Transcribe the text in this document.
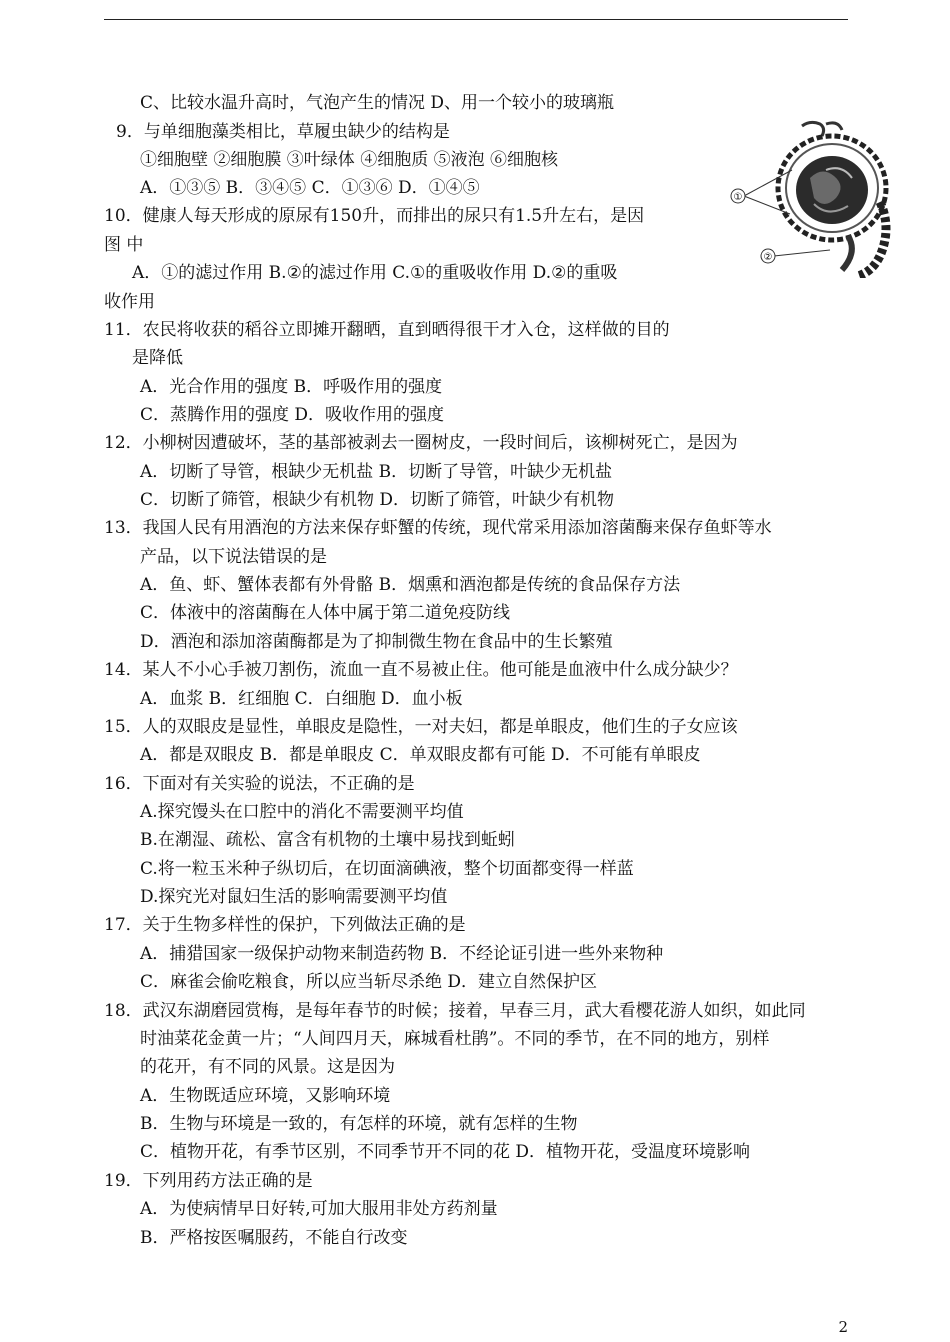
C、比较水温升高时，气泡产生的情况 D、用一个较小的玻璃瓶
9．与单细胞藻类相比，草履虫缺少的结构是
①细胞壁 ②细胞膜 ③叶绿体 ④细胞质 ⑤液泡 ⑥细胞核
A．①③⑤ B．③④⑤ C．①③⑥ D．①④⑤
10．健康人每天形成的原尿有150升，而排出的尿只有1.5升左右，是因
图 中
A．①的滤过作用 B.②的滤过作用 C.①的重吸收作用 D.②的重吸
收作用
11．农民将收获的稻谷立即摊开翻晒，直到晒得很干才入仓，这样做的目的
是降低
A．光合作用的强度 B．呼吸作用的强度
C．蒸腾作用的强度 D．吸收作用的强度
12．小柳树因遭破坏，茎的基部被剥去一圈树皮，一段时间后，该柳树死亡，是因为
A．切断了导管，根缺少无机盐 B．切断了导管，叶缺少无机盐
C．切断了筛管，根缺少有机物 D．切断了筛管，叶缺少有机物
13．我国人民有用酒泡的方法来保存虾蟹的传统，现代常采用添加溶菌酶来保存鱼虾等水
产品，以下说法错误的是
A．鱼、虾、蟹体表都有外骨骼 B．烟熏和酒泡都是传统的食品保存方法
C．体液中的溶菌酶在人体中属于第二道免疫防线
D．酒泡和添加溶菌酶都是为了抑制微生物在食品中的生长繁殖
14．某人不小心手被刀割伤，流血一直不易被止住。他可能是血液中什么成分缺少？
A．血浆 B．红细胞 C．白细胞 D．血小板
15．人的双眼皮是显性，单眼皮是隐性，一对夫妇，都是单眼皮，他们生的子女应该
A．都是双眼皮 B．都是单眼皮 C．单双眼皮都有可能 D．不可能有单眼皮
16．下面对有关实验的说法，不正确的是
A.探究馒头在口腔中的消化不需要测平均值
B.在潮湿、疏松、富含有机物的土壤中易找到蚯蚓
C.将一粒玉米种子纵切后，在切面滴碘液，整个切面都变得一样蓝
D.探究光对鼠妇生活的影响需要测平均值
17．关于生物多样性的保护，下列做法正确的是
A．捕猎国家一级保护动物来制造药物 B．不经论证引进一些外来物种
C．麻雀会偷吃粮食，所以应当斩尽杀绝 D．建立自然保护区
18．武汉东湖磨园赏梅，是每年春节的时候；接着，早春三月，武大看樱花游人如织，如此同
时油菜花金黄一片；“人间四月天，麻城看杜鹃”。不同的季节，在不同的地方，别样
的花开，有不同的风景。这是因为
A．生物既适应环境，又影响环境
B．生物与环境是一致的，有怎样的环境，就有怎样的生物
C．植物开花，有季节区别，不同季节开不同的花 D．植物开花，受温度环境影响
19．下列用药方法正确的是
A．为使病情早日好转,可加大服用非处方药剂量
B．严格按医嘱服药，不能自行改变
①
②
2
